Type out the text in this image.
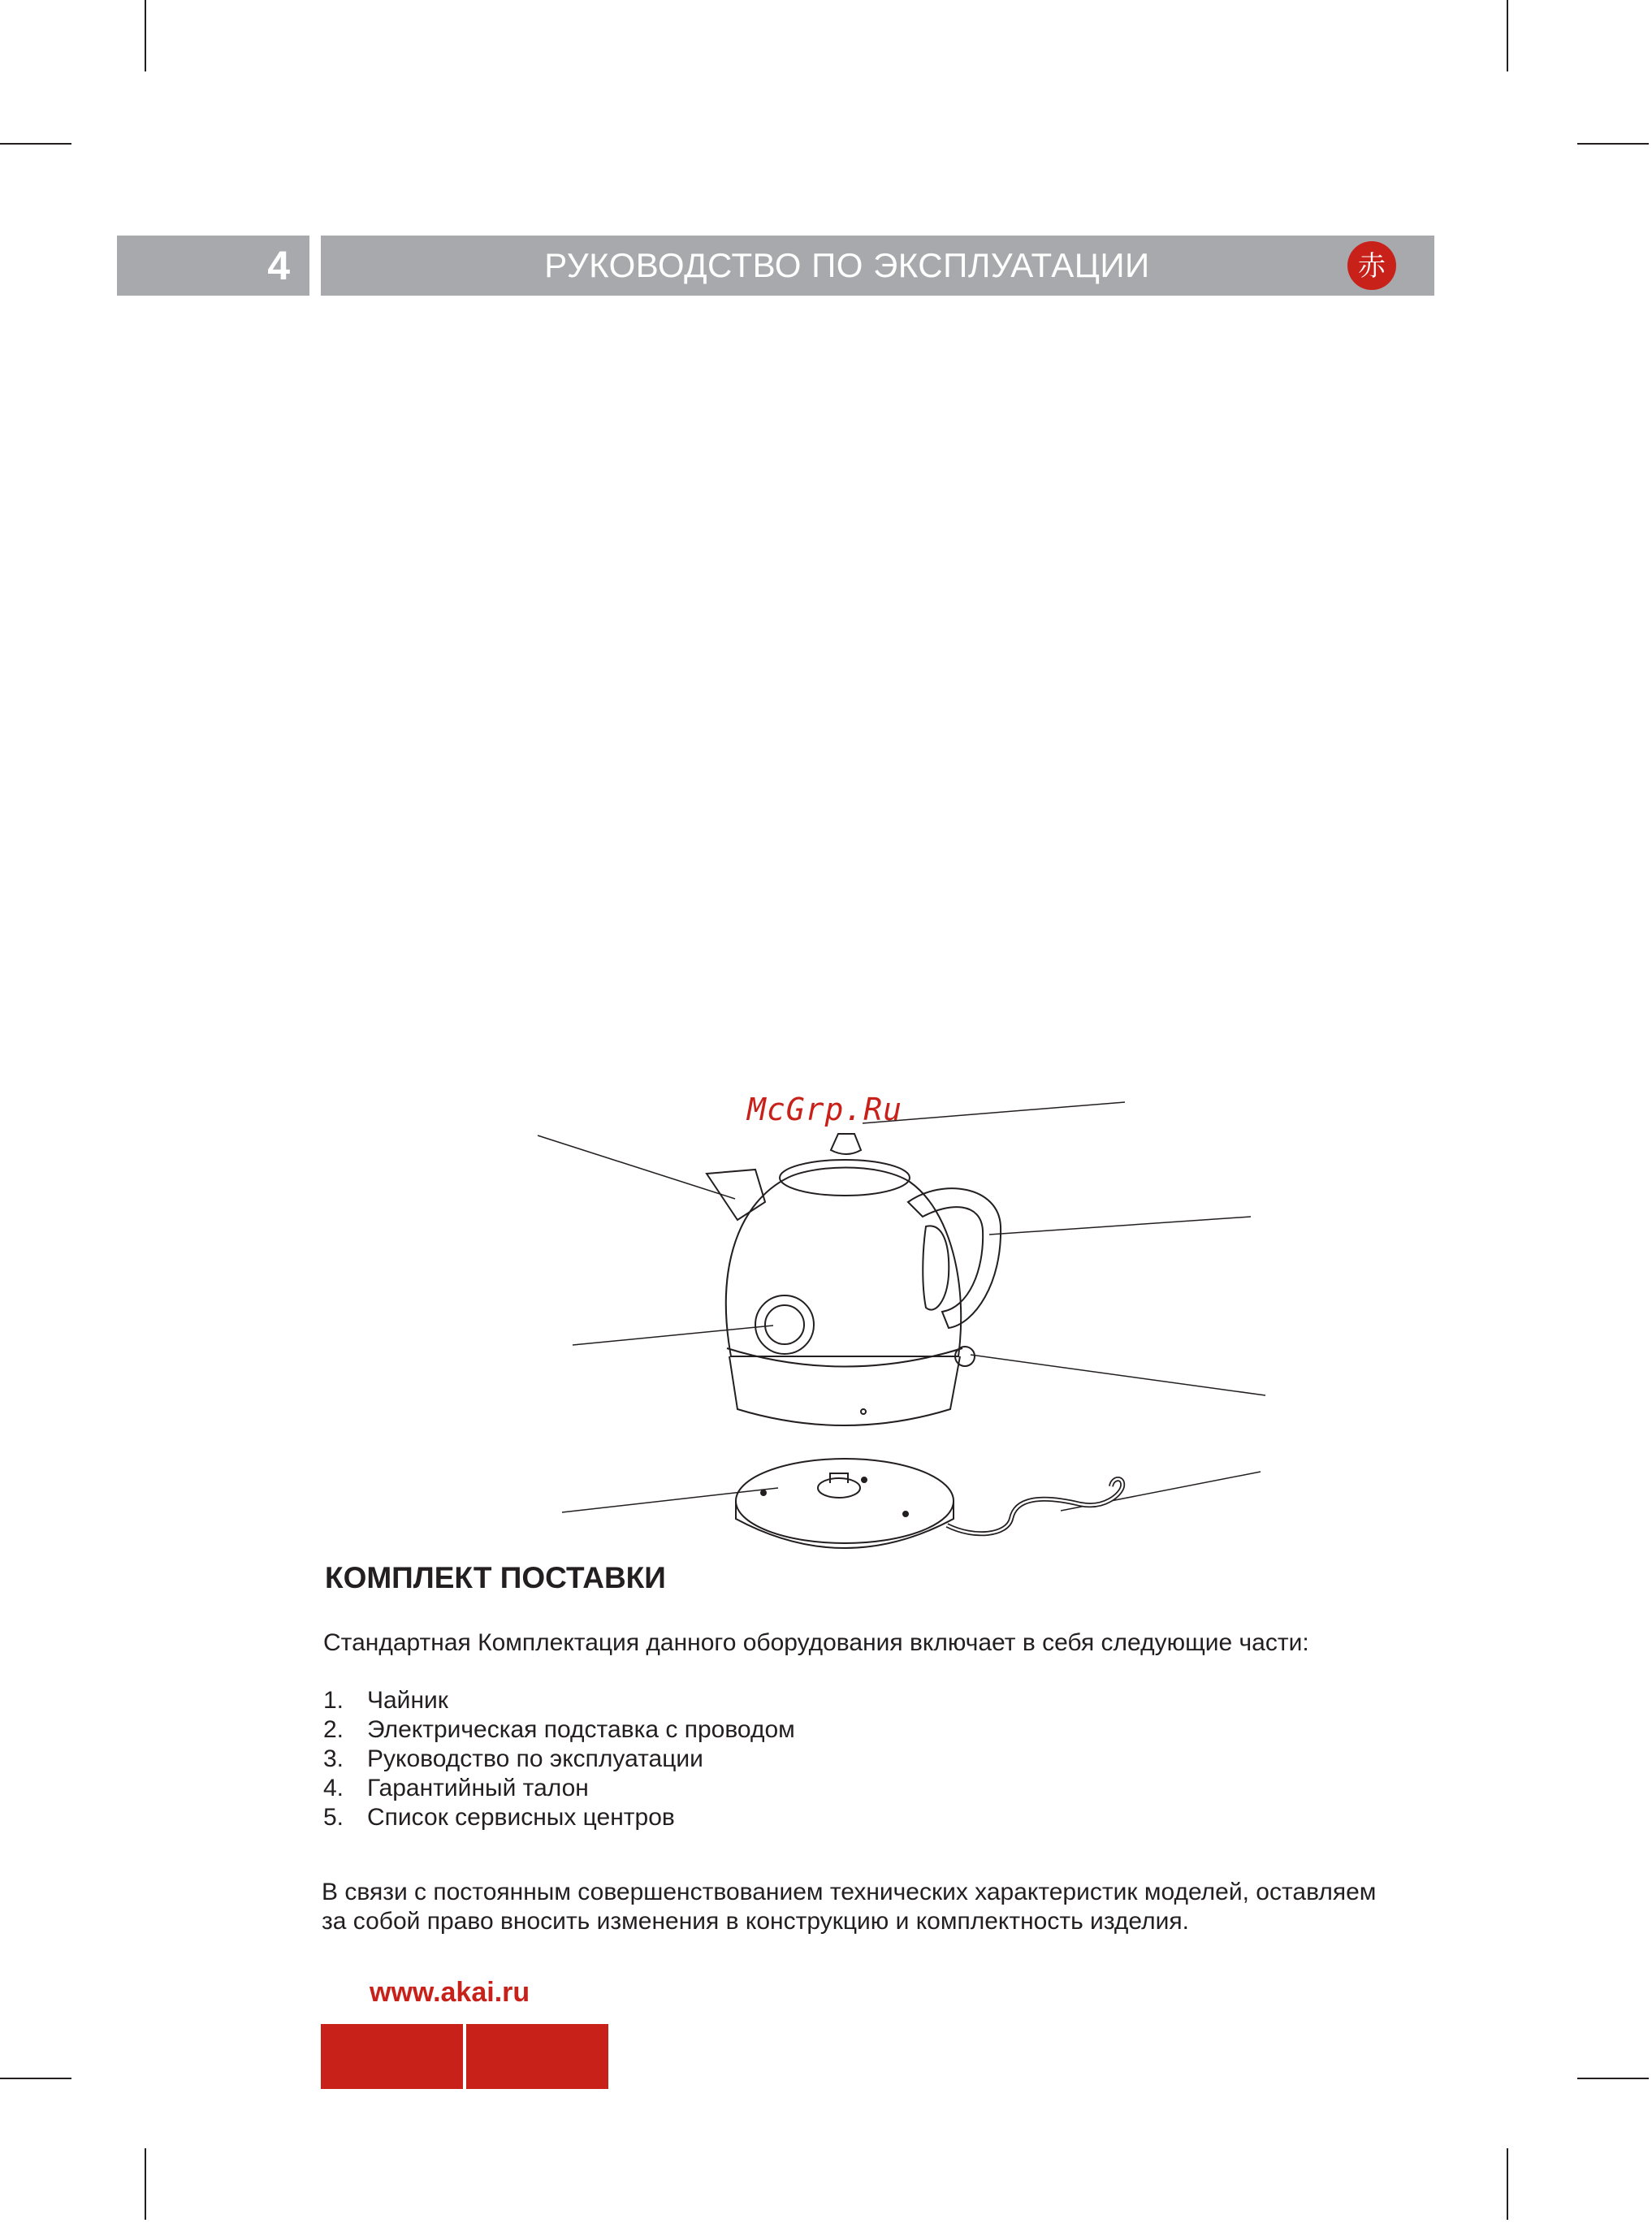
4	РУКОВОДСТВО ПО ЭКСПЛУАТАЦИИ	赤
McGrp.Ru
КОМПЛЕКТ ПОСТАВКИ
Стандартная Комплектация данного оборудования включает в себя следующие части:
1. Чайник
2. Электрическая подставка с проводом
3. Руководство по эксплуатации
4. Гарантийный талон
5. Список сервисных центров
В связи с постоянным совершенствованием технических характеристик моделей, оставляем
за собой право вносить изменения в конструкцию и комплектность изделия.
www.akai.ru
